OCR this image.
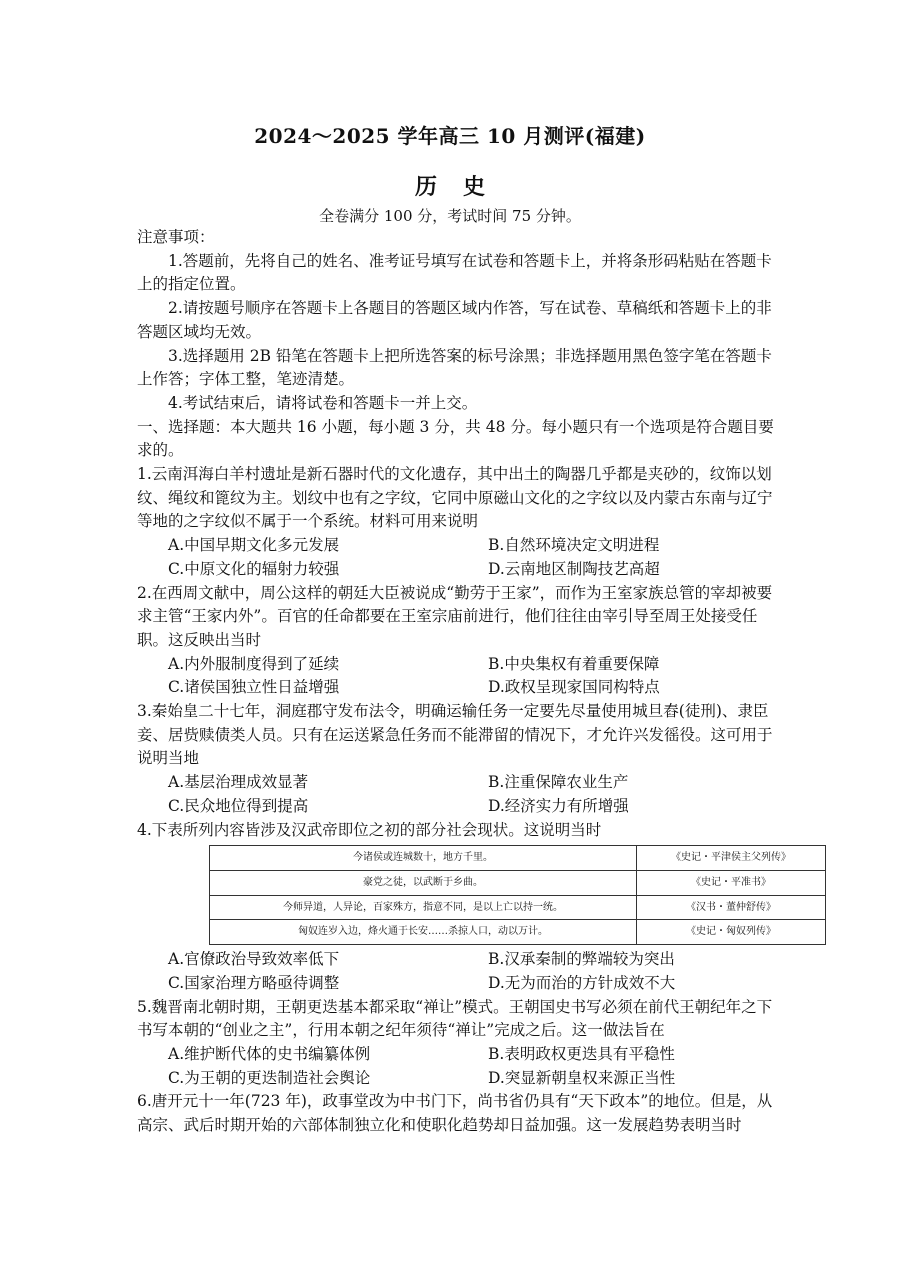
2024～2025 学年高三 10 月测评(福建)
历史
全卷满分 100 分，考试时间 75 分钟。

注意事项：

1.答题前，先将自己的姓名、准考证号填写在试卷和答题卡上，并将条形码粘贴在答题卡上的指定位置。

2.请按题号顺序在答题卡上各题目的答题区域内作答，写在试卷、草稿纸和答题卡上的非答题区域均无效。

3.选择题用 2B 铅笔在答题卡上把所选答案的标号涂黑；非选择题用黑色签字笔在答题卡上作答；字体工整，笔迹清楚。

4.考试结束后，请将试卷和答题卡一并上交。

一、选择题：本大题共 16 小题，每小题 3 分，共 48 分。每小题只有一个选项是符合题目要求的。

1.云南洱海白羊村遗址是新石器时代的文化遗存，其中出土的陶器几乎都是夹砂的，纹饰以划纹、绳纹和篦纹为主。划纹中也有之字纹，它同中原磁山文化的之字纹以及内蒙古东南与辽宁等地的之字纹似不属于一个系统。材料可用来说明

A.中国早期文化多元发展	B.自然环境决定文明进程
C.中原文化的辐射力较强	D.云南地区制陶技艺高超

2.在西周文献中，周公这样的朝廷大臣被说成“勤劳于王家”，而作为王室家族总管的宰却被要求主管“王家内外”。百官的任命都要在王室宗庙前进行，他们往往由宰引导至周王处接受任职。这反映出当时

A.内外服制度得到了延续	B.中央集权有着重要保障
C.诸侯国独立性日益增强	D.政权呈现家国同构特点

3.秦始皇二十七年，洞庭郡守发布法令，明确运输任务一定要先尽量使用城旦舂(徒刑)、隶臣妾、居赀赎债类人员。只有在运送紧急任务而不能滞留的情况下，才允许兴发徭役。这可用于说明当地

A.基层治理成效显著	B.注重保障农业生产
C.民众地位得到提高	D.经济实力有所增强

4.下表所列内容皆涉及汉武帝即位之初的部分社会现状。这说明当时

今诸侯或连城数十，地方千里。	《史记・平津侯主父列传》
豪党之徒，以武断于乡曲。	《史记・平准书》
今师异道，人异论，百家殊方，指意不同，是以上亡以持一统。	《汉书・董仲舒传》
匈奴连岁入边，烽火通于长安……杀掠人口，动以万计。	《史记・匈奴列传》
A.官僚政治导致效率低下	B.汉承秦制的弊端较为突出
C.国家治理方略亟待调整	D.无为而治的方针成效不大

5.魏晋南北朝时期，王朝更迭基本都采取“禅让”模式。王朝国史书写必须在前代王朝纪年之下书写本朝的“创业之主”，行用本朝之纪年须待“禅让”完成之后。这一做法旨在

A.维护断代体的史书编纂体例	B.表明政权更迭具有平稳性
C.为王朝的更迭制造社会舆论	D.突显新朝皇权来源正当性

6.唐开元十一年(723 年)，政事堂改为中书门下，尚书省仍具有“天下政本”的地位。但是，从高宗、武后时期开始的六部体制独立化和使职化趋势却日益加强。这一发展趋势表明当时
